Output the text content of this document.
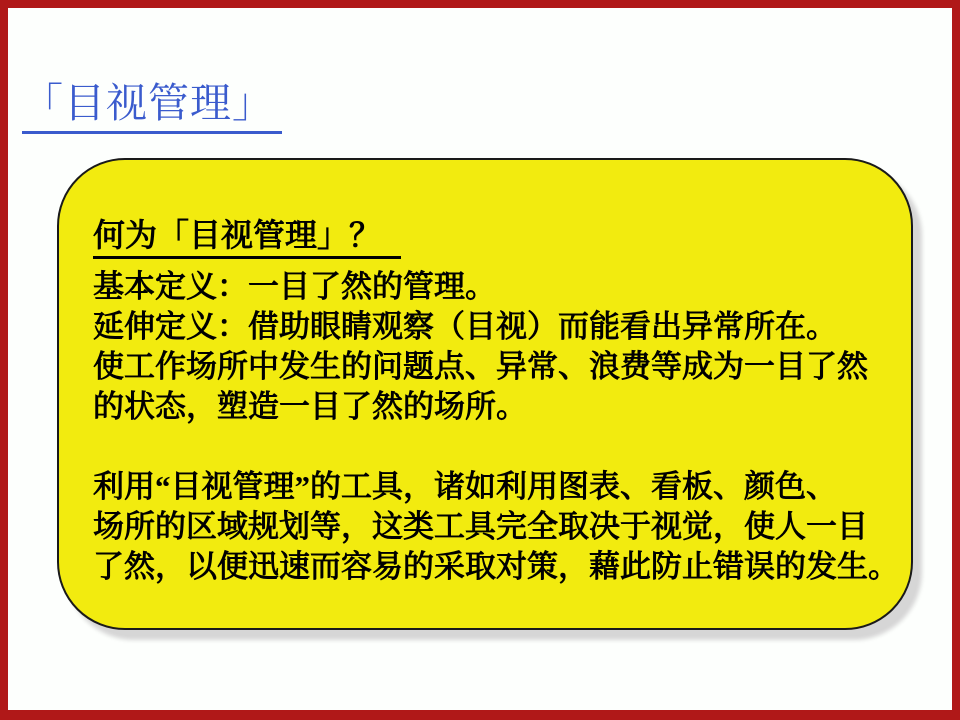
「目视管理」
何为「目视管理」？
基本定义：一目了然的管理。
延伸定义：借助眼睛观察（目视）而能看出异常所在。
使工作场所中发生的问题点、异常、浪费等成为一目了然
的状态，塑造一目了然的场所。
利用“目视管理”的工具，诸如利用图表、看板、颜色、
场所的区域规划等，这类工具完全取决于视觉，使人一目
了然，以便迅速而容易的采取对策，藉此防止错误的发生。
